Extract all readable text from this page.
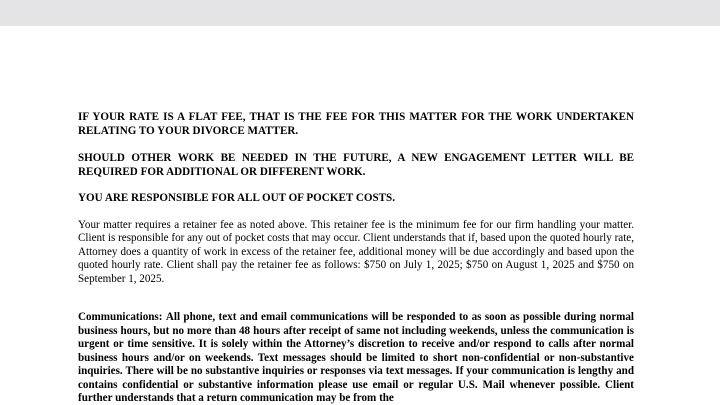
IF YOUR RATE IS A FLAT FEE, THAT IS THE FEE FOR THIS MATTER FOR THE WORK UNDERTAKEN RELATING TO YOUR DIVORCE MATTER.

SHOULD OTHER WORK BE NEEDED IN THE FUTURE, A NEW ENGAGEMENT LETTER WILL BE REQUIRED FOR ADDITIONAL OR DIFFERENT WORK.

YOU ARE RESPONSIBLE FOR ALL OUT OF POCKET COSTS.

Your matter requires a retainer fee as noted above. This retainer fee is the minimum fee for our firm handling your matter. Client is responsible for any out of pocket costs that may occur. Client understands that if, based upon the quoted hourly rate, Attorney does a quantity of work in excess of the retainer fee, additional money will be due accordingly and based upon the quoted hourly rate. Client shall pay the retainer fee as follows: $750 on July 1, 2025; $750 on August 1, 2025 and $750 on September 1, 2025.

Communications: All phone, text and email communications will be responded to as soon as possible during normal business hours, but no more than 48 hours after receipt of same not including weekends, unless the communication is urgent or time sensitive. It is solely within the Attorney’s discretion to receive and/or respond to calls after normal business hours and/or on weekends. Text messages should be limited to short non-confidential or non-substantive inquiries. There will be no substantive inquiries or responses via text messages. If your communication is lengthy and contains confidential or substantive information please use email or regular U.S. Mail whenever possible. Client further understands that a return communication may be from the
